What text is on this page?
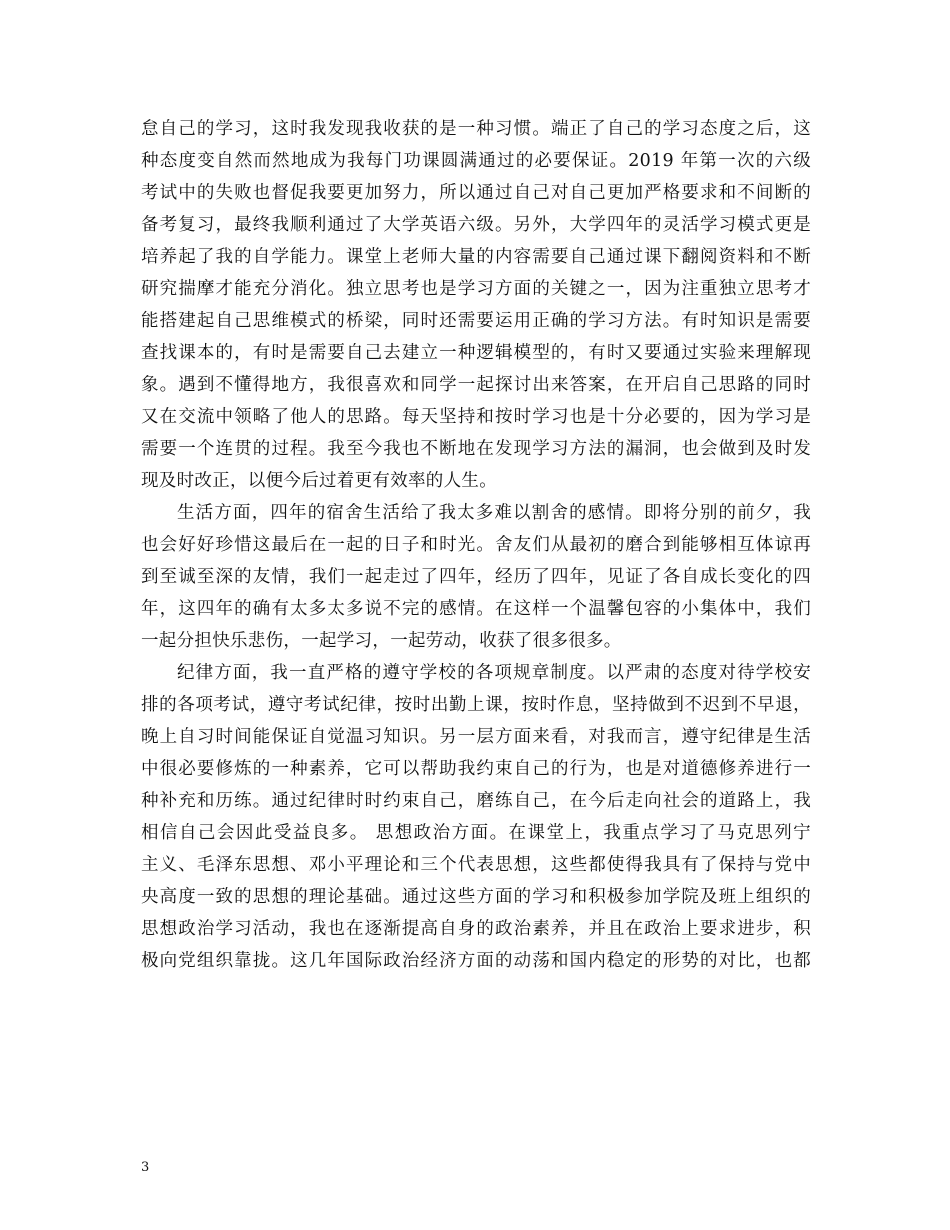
怠自己的学习，这时我发现我收获的是一种习惯。端正了自己的学习态度之后，这
种态度变自然而然地成为我每门功课圆满通过的必要保证。2019 年第一次的六级
考试中的失败也督促我要更加努力，所以通过自己对自己更加严格要求和不间断的
备考复习，最终我顺利通过了大学英语六级。另外，大学四年的灵活学习模式更是
培养起了我的自学能力。课堂上老师大量的内容需要自己通过课下翻阅资料和不断
研究揣摩才能充分消化。独立思考也是学习方面的关键之一，因为注重独立思考才
能搭建起自己思维模式的桥梁，同时还需要运用正确的学习方法。有时知识是需要
查找课本的，有时是需要自己去建立一种逻辑模型的，有时又要通过实验来理解现
象。遇到不懂得地方，我很喜欢和同学一起探讨出来答案，在开启自己思路的同时
又在交流中领略了他人的思路。每天坚持和按时学习也是十分必要的，因为学习是
需要一个连贯的过程。我至今我也不断地在发现学习方法的漏洞，也会做到及时发
现及时改正，以便今后过着更有效率的人生。
生活方面，四年的宿舍生活给了我太多难以割舍的感情。即将分别的前夕，我
也会好好珍惜这最后在一起的日子和时光。舍友们从最初的磨合到能够相互体谅再
到至诚至深的友情，我们一起走过了四年，经历了四年，见证了各自成长变化的四
年，这四年的确有太多太多说不完的感情。在这样一个温馨包容的小集体中，我们
一起分担快乐悲伤，一起学习，一起劳动，收获了很多很多。
纪律方面，我一直严格的遵守学校的各项规章制度。以严肃的态度对待学校安
排的各项考试，遵守考试纪律，按时出勤上课，按时作息，坚持做到不迟到不早退，
晚上自习时间能保证自觉温习知识。另一层方面来看，对我而言，遵守纪律是生活
中很必要修炼的一种素养，它可以帮助我约束自己的行为，也是对道德修养进行一
种补充和历练。通过纪律时时约束自己，磨练自己，在今后走向社会的道路上，我
相信自己会因此受益良多。 思想政治方面。在课堂上，我重点学习了马克思列宁
主义、毛泽东思想、邓小平理论和三个代表思想，这些都使得我具有了保持与党中
央高度一致的思想的理论基础。通过这些方面的学习和积极参加学院及班上组织的
思想政治学习活动，我也在逐渐提高自身的政治素养，并且在政治上要求进步，积
极向党组织靠拢。这几年国际政治经济方面的动荡和国内稳定的形势的对比，也都
3
